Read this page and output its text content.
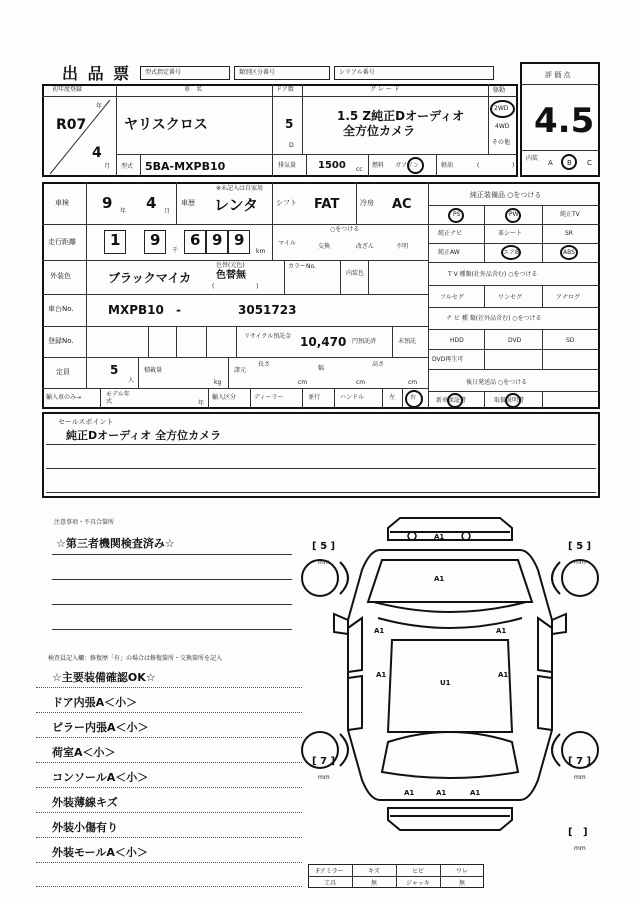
出 品 票 型式指定番号	類別区分番号	シリアル番号	評 価 点
4.5
内装
A B C
初年度登録
R07
年
4
月
車　名
ヤリスクロス
ドア数
5
D
グ レ ー ド
1.5 Z純正Dオーディオ
全方位カメラ
駆動
2WD
4WD
その他
型式 5BA-MXPB10	排気量 1500 cc
燃料 ガソリン	軽油	(	)
車検 9 年 4 月
車歴
※未記入は自家用
レンタ	シフト FAT	冷房 AC
走行距離 1 9
千
6 9 9
km
○をつける
マイル	交換	改ざん	不明
外装色	ブラックマイカ
色替(元色)
色替無
(	)
カラーNo.
内装色
車台No.	MXPB10 -	3051723
登録No.
リサイクル預託金 10,470 円預託済	未預託
定員	5
人
積載量
kg
諸元
長さ
cm
幅
cm
高さ
cm
輸入車のみ→	モデル年式	年
輸入区分	ディーラー	並行	ハンドル	左 右
純正装備品 ○をつける
PS	PW	純正TV
純正ナビ	革シート	SR
純正AW	エアB	ABS
T V 種類(社外品含む) ○をつける
フルセグ	ワンセグ	アナログ
ナ ビ 種 類(社外品含む) ○をつける
HDD	DVD	SD
DVD再生可
後日発送品 ○をつける
新車保証書	取扱説明書
セールスポイント
純正Dオーディオ 全方位カメラ
注意事項・不具合箇所
☆第三者機関検査済み☆
検査員記入欄：修復歴「有」の場合は修復箇所・交換箇所を記入
☆主要装備確認OK☆
ドア内張A＜小＞
ピラー内張A＜小＞
荷室A＜小＞
コンソールA＜小＞
外装薄線キズ
外装小傷有り
外装モールA＜小＞
A1
A1
A1	A1
A1	A1
U1
A1	A1	A1
[ 5 ]
mm
[ 5 ]
mm
[ 7 ]
mm
[ 7 ]
mm
[   ]
mm
Fアミラー	キズ	ヒビ	ワレ
工具	無	ジャッキ	無
